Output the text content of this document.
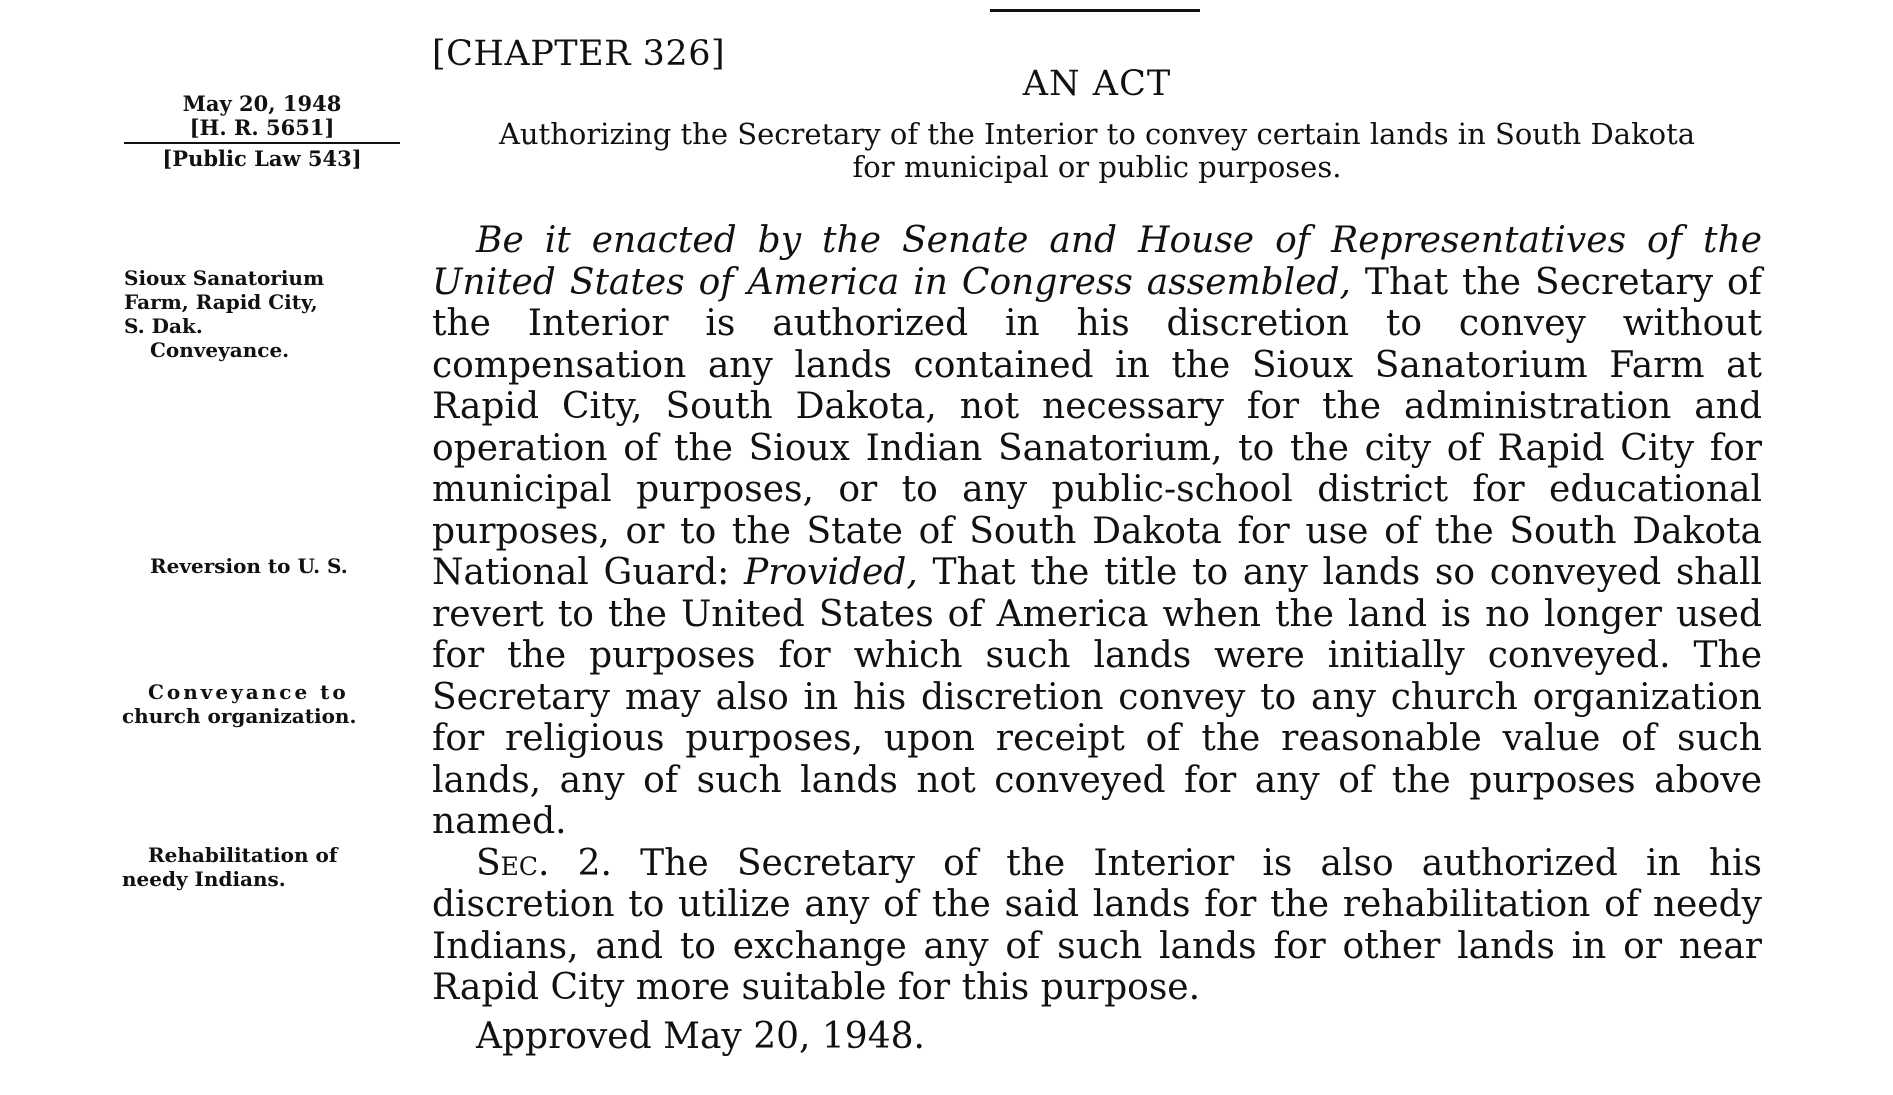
[CHAPTER 326]
AN ACT
Authorizing the Secretary of the Interior to convey certain lands in South Dakota
for municipal or public purposes.
May 20, 1948
[H. R. 5651]
[Public Law 543]
Sioux Sanatorium
Farm, Rapid City,
S. Dak.
Conveyance.
Reversion to U. S.
Conveyance to
church organization.
Rehabilitation of
needy Indians.

Be it enacted by the Senate and House of Representatives of the United States of America in Congress assembled, That the Secretary of the Interior is authorized in his discretion to convey without compensation any lands contained in the Sioux Sanatorium Farm at Rapid City, South Dakota, not necessary for the administration and operation of the Sioux Indian Sanatorium, to the city of Rapid City for municipal purposes, or to any public-school district for educational purposes, or to the State of South Dakota for use of the South Dakota National Guard: Provided, That the title to any lands so conveyed shall revert to the United States of America when the land is no longer used for the purposes for which such lands were initially conveyed. The Secretary may also in his discretion convey to any church organization for religious purposes, upon receipt of the reasonable value of such lands, any of such lands not conveyed for any of the purposes above named.

Sec. 2. The Secretary of the Interior is also authorized in his discretion to utilize any of the said lands for the rehabilitation of needy Indians, and to exchange any of such lands for other lands in or near Rapid City more suitable for this purpose.

Approved May 20, 1948.
